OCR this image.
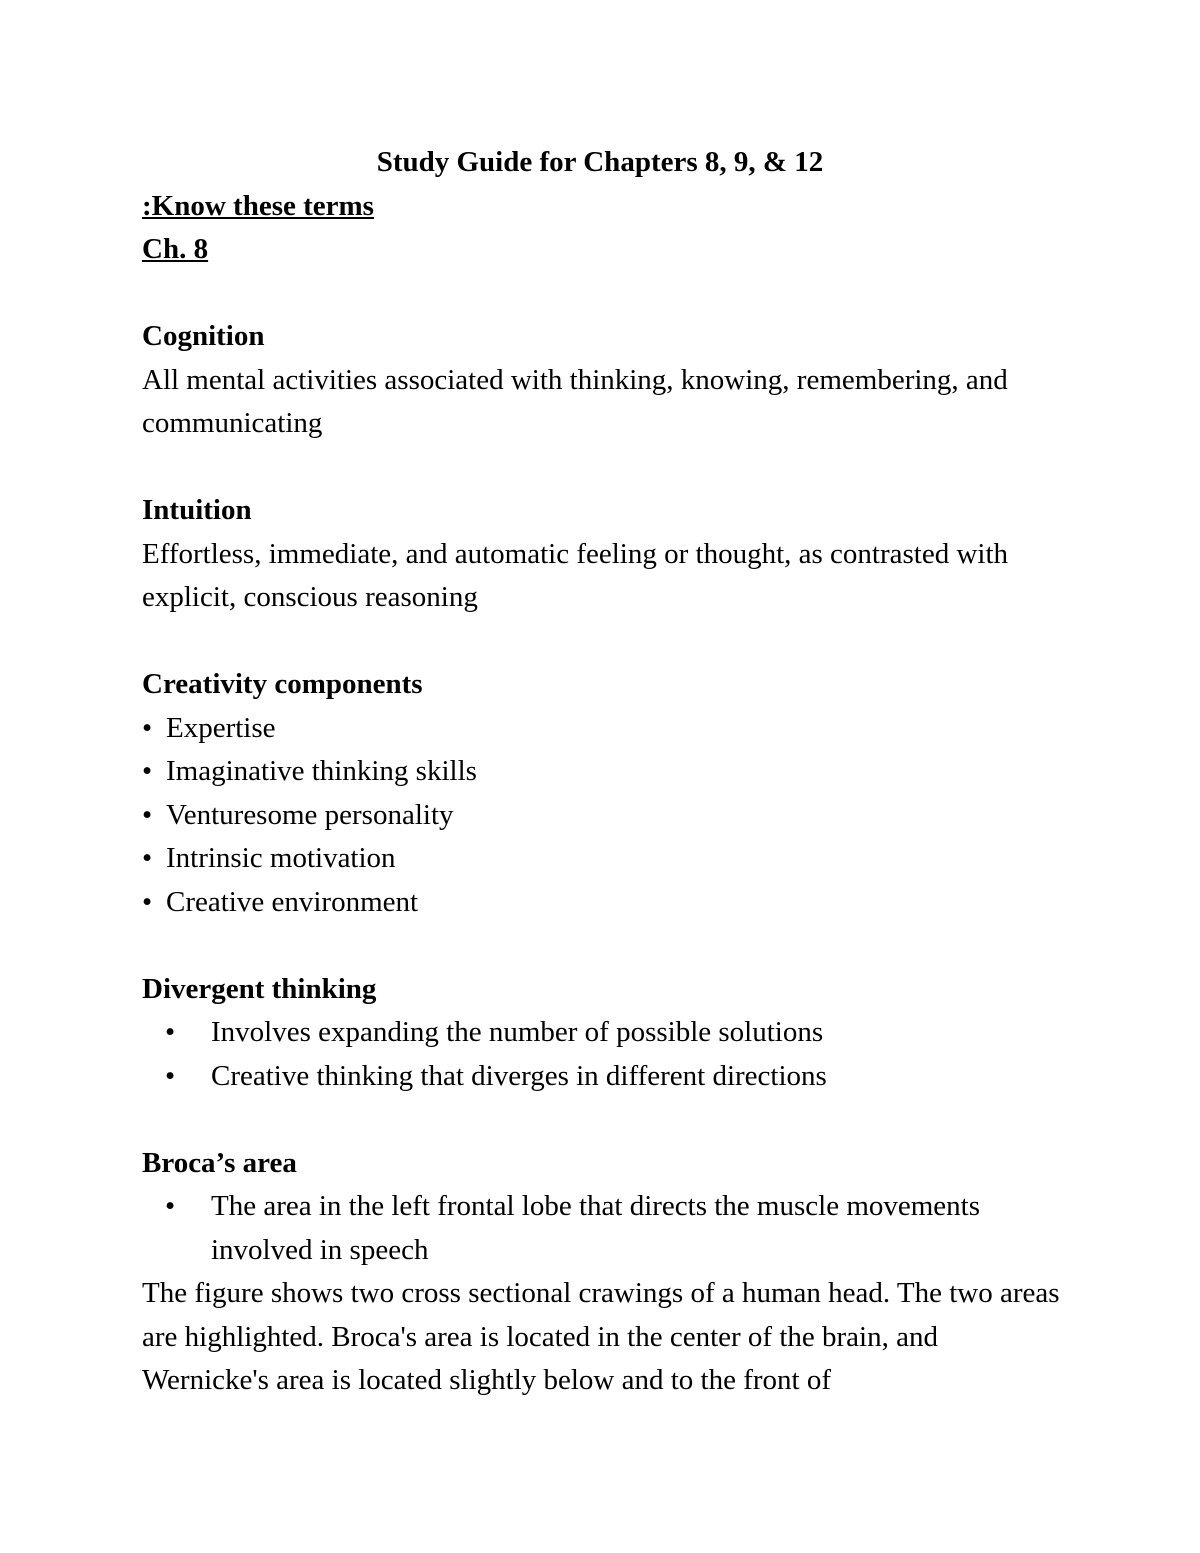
Study Guide for Chapters 8, 9, & 12

:Know these terms

Ch. 8

Cognition

All mental activities associated with thinking, knowing, remembering, and communicating

Intuition

Effortless, immediate, and automatic feeling or thought, as contrasted with explicit, conscious reasoning

Creativity components

• Expertise
• Imaginative thinking skills
• Venturesome personality
• Intrinsic motivation
• Creative environment

Divergent thinking

• Involves expanding the number of possible solutions
• Creative thinking that diverges in different directions

Broca’s area

• The area in the left frontal lobe that directs the muscle movements involved in speech

The figure shows two cross sectional crawings of a human head. The two areas are highlighted. Broca's area is located in the center of the brain, and Wernicke's area is located slightly below and to the front of
